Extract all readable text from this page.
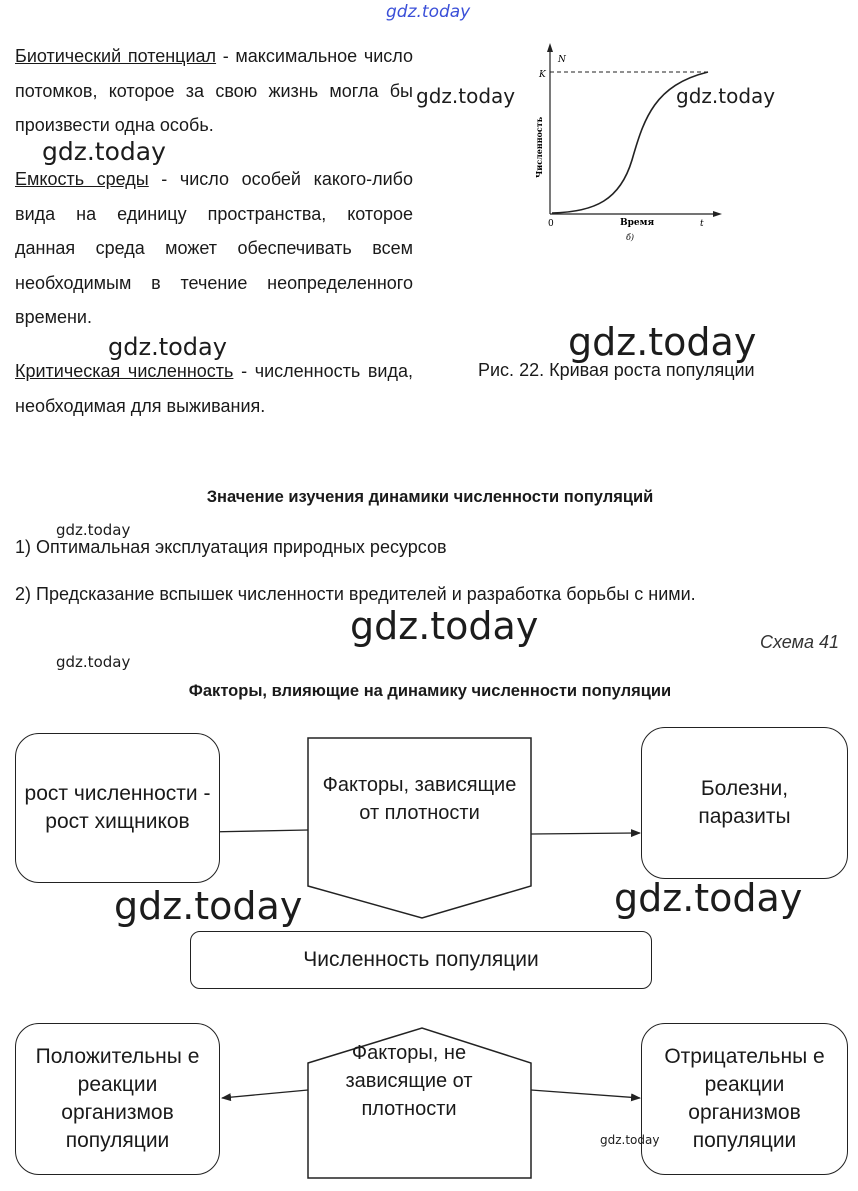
gdz.today
Биотический потенциал - максимальное число потомков, которое за свою жизнь могла бы произвести одна особь.
Емкость среды - число особей какого-либо вида на единицу пространства, которое данная среда может обеспечивать всем необходимым в течение неопределенного времени.
Критическая численность - численность вида, необходимая для выживания.
N
K
0	Время	t
б)
Численность
Рис. 22. Кривая роста популяции
gdz.today	gdz.today
gdz.today
gdz.today	gdz.today
Значение изучения динамики численности популяций
gdz.today
1) Оптимальная эксплуатация природных ресурсов
2) Предсказание вспышек численности вредителей и разработка борьбы с ними.
gdz.today	Схема 41
gdz.today
Факторы, влияющие на динамику численности популяции
Факторы, зависящие от плотности
Факторы, не зависящие от плотности
рост численности - рост хищников
Болезни, паразиты
Численность популяции
Положительны е реакции организмов популяции
Отрицательны е реакции организмов популяции
gdz.today	gdz.today
gdz.today
